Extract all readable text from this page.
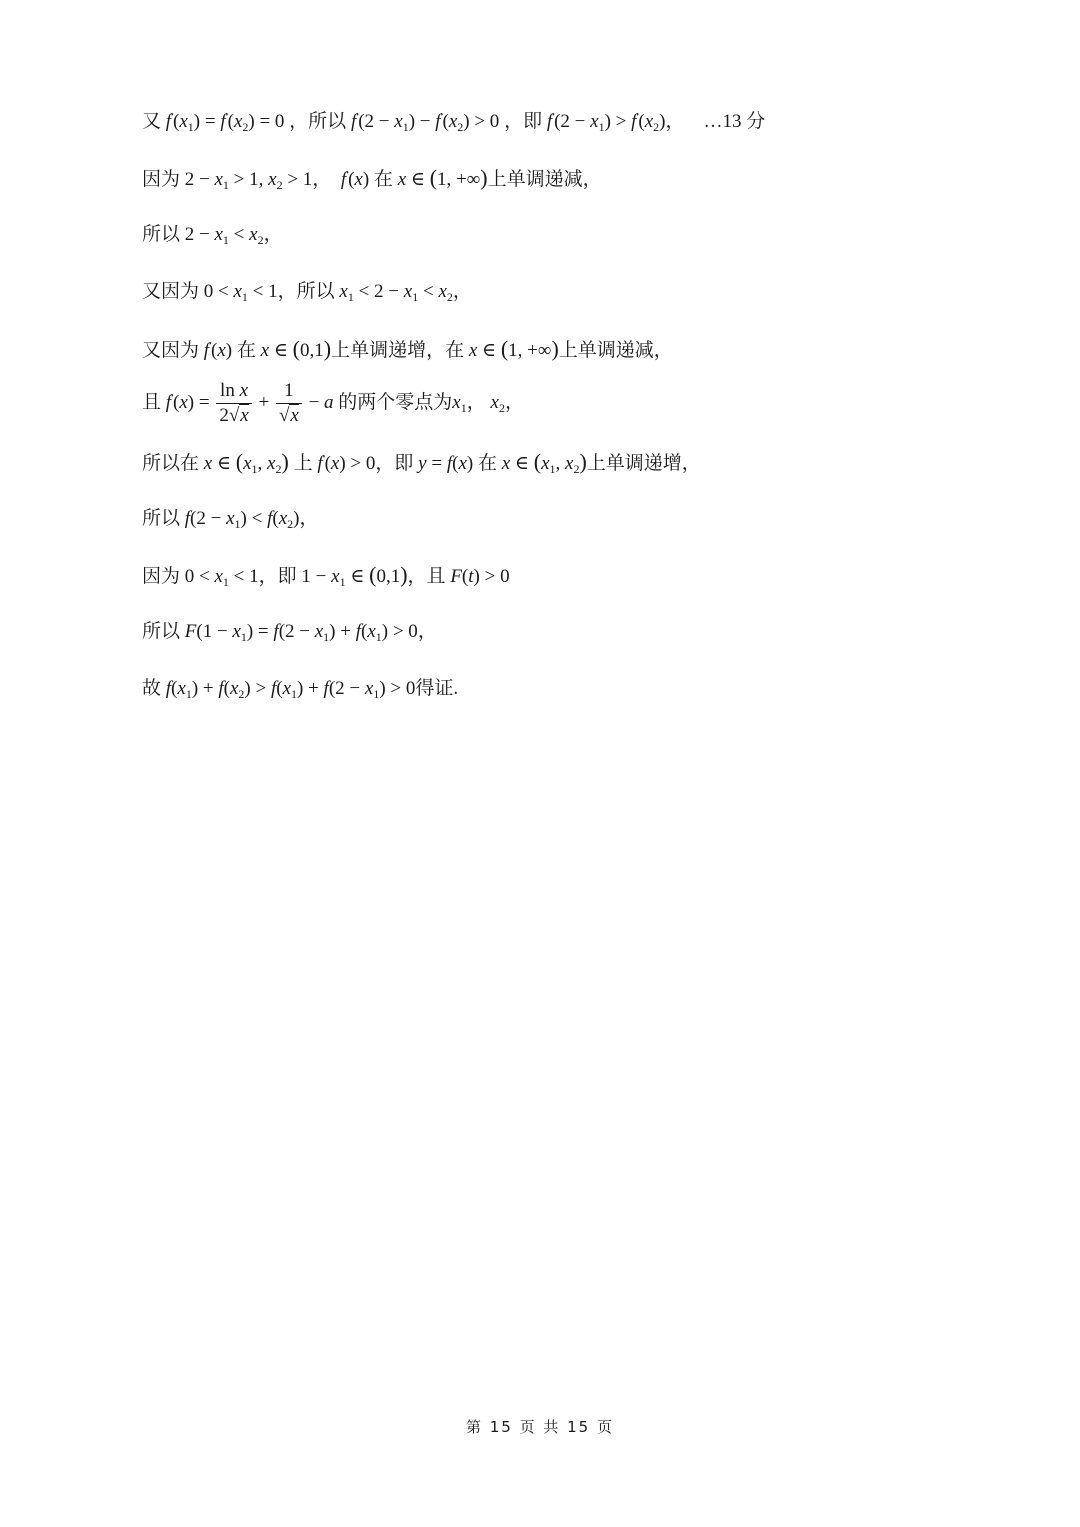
又 $f'(x_1) = f'(x_2) = 0$ ，所以 $f'(2 - x_1) - f'(x_2) > 0$ ，即 $f'(2 - x_1) > f'(x_2)$， …13 分
因为 $2 - x_1 > 1$, $x_2 > 1$， f'(x) 在 x ∈ (1, +∞)上单调递减，
所以 $2 - x_1 < x_2$，
又因为 $0 < x_1 < 1$，所以 $x_1 < 2 - x_1 < x_2$，
又因为 f'(x) 在 x ∈ (0,1)上单调递增，在 x ∈ (1, +∞)上单调递减，
且 $f'(x) = \frac{\text{ln x}}{2√x} + \frac{1}{√x} - a$ 的两个零点为$x_1$， $x_2$，
所以在 x ∈ ($x_1$, $x_2$) 上 f'(x) > 0，即 y = f(x) 在 x ∈ ($x_1$, $x_2$)上单调递增，
所以 $f(2 - x_1) < f(x_2)$，
因为 $0 < x_1 < 1$，即 $1 - x_1$ ∈ (0,1)，且 F(t) > 0
所以 $F(1 - x_1) = f(2 - x_1) + f(x_1) > 0$，
故 $f(x_1) + f(x_2) > f(x_1) + f(2 - x_1) > 0$得证.
第 15 页 共 15 页
